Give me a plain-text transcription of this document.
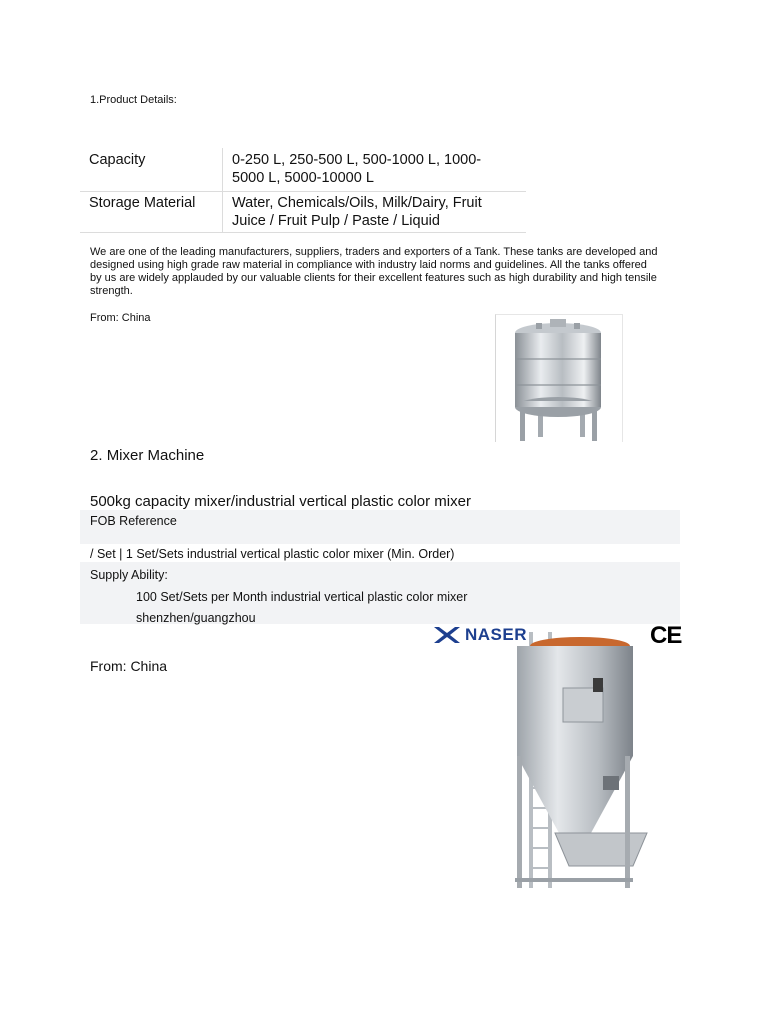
1.Product Details:
Capacity	0-250 L, 250-500 L, 500-1000 L, 1000-
5000 L, 5000-10000 L
Storage Material	Water, Chemicals/Oils, Milk/Dairy, Fruit
Juice / Fruit Pulp / Paste / Liquid
We are one of the leading manufacturers, suppliers, traders and exporters of a Tank. These tanks are developed and
designed using high grade raw material in compliance with industry laid norms and guidelines. All the tanks offered
by us are widely applauded by our valuable clients for their excellent features such as high durability and high tensile
strength.
From: China
2. Mixer Machine
500kg capacity mixer/industrial vertical plastic color mixer
FOB Reference
/ Set | 1 Set/Sets industrial vertical plastic color mixer (Min. Order)
Supply Ability:
100 Set/Sets per Month industrial vertical plastic color mixer
shenzhen/guangzhou
From: China
NASER	CE
